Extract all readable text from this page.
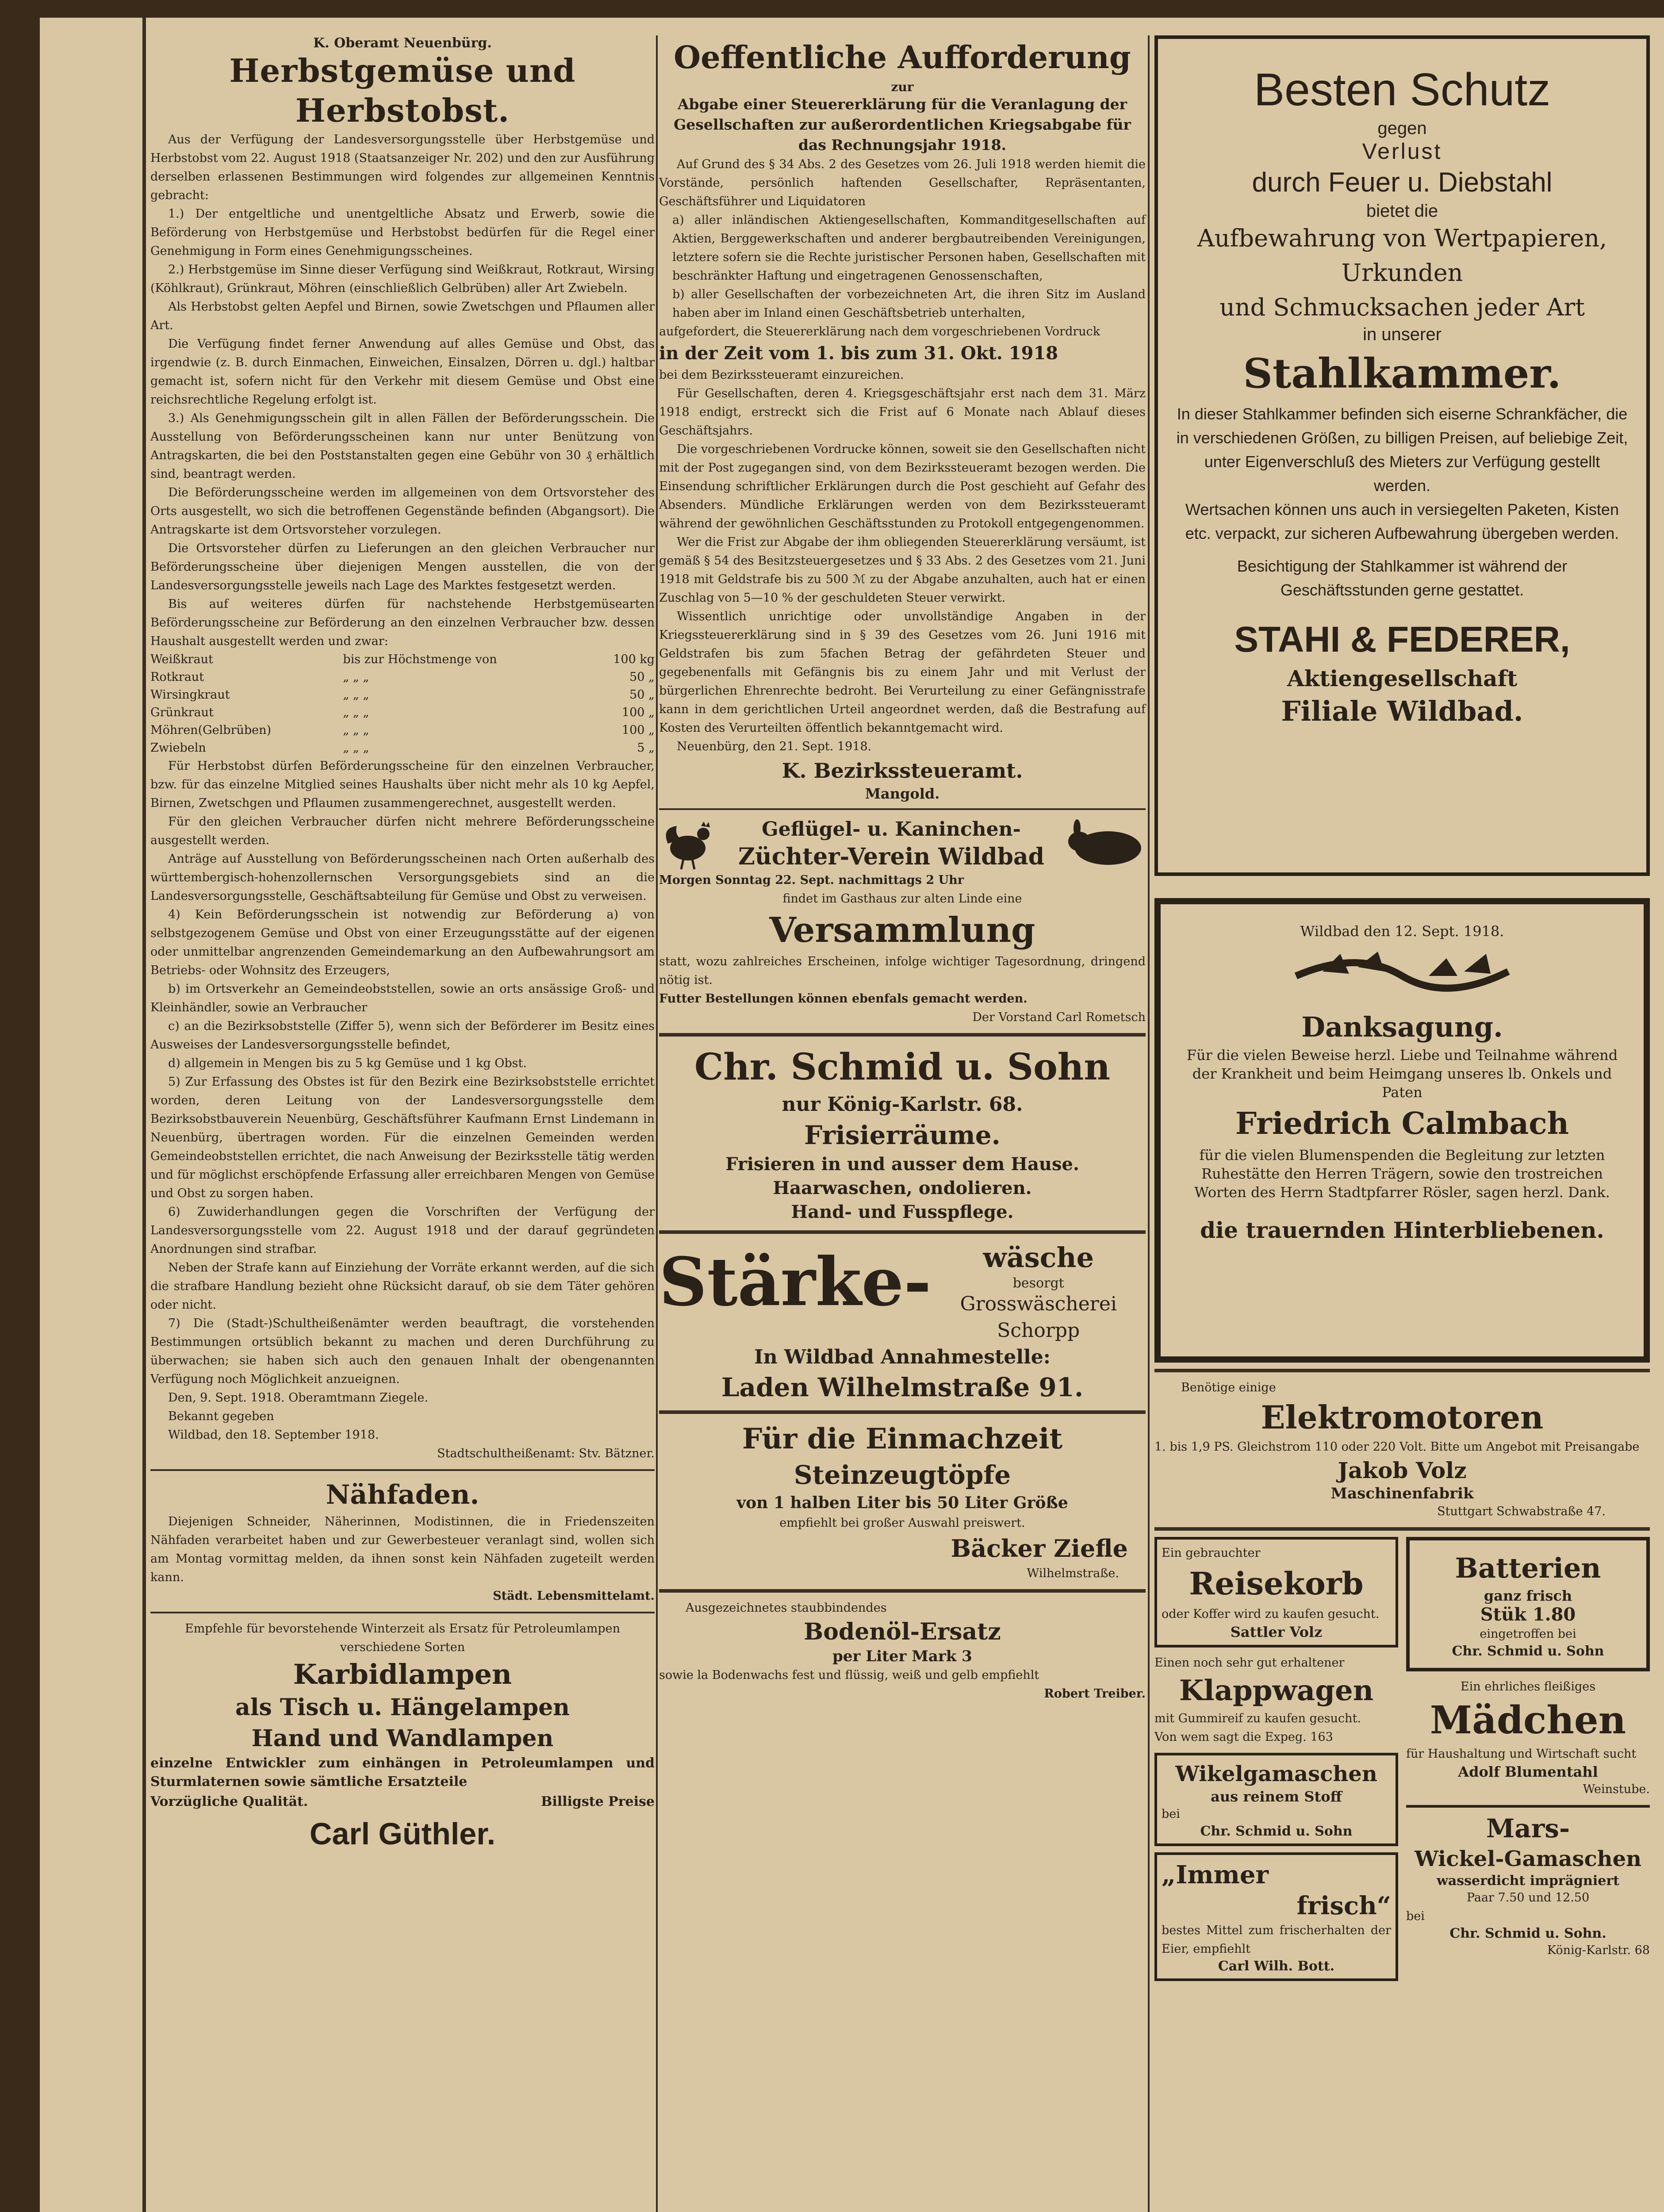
K. Oberamt Neuenbürg.

Herbstgemüse und Herbstobst.

Aus der Verfügung der Landesversorgungsstelle über Herbstgemüse und Herbstobst vom 22. August 1918 (Staatsanzeiger Nr. 202) und den zur Ausführung derselben erlassenen Bestimmungen wird folgendes zur allgemeinen Kenntnis gebracht:

1.) Der entgeltliche und unentgeltliche Absatz und Erwerb, sowie die Beförderung von Herbstgemüse und Herbstobst bedürfen für die Regel einer Genehmigung in Form eines Genehmigungsscheines.

2.) Herbstgemüse im Sinne dieser Verfügung sind Weißkraut, Rotkraut, Wirsing (Köhlkraut), Grünkraut, Möhren (einschließlich Gelbrüben) aller Art Zwiebeln.

Als Herbstobst gelten Aepfel und Birnen, sowie Zwetschgen und Pflaumen aller Art.

Die Verfügung findet ferner Anwendung auf alles Gemüse und Obst, das irgendwie (z. B. durch Einmachen, Einweichen, Einsalzen, Dörren u. dgl.) haltbar gemacht ist, sofern nicht für den Verkehr mit diesem Gemüse und Obst eine reichsrechtliche Regelung erfolgt ist.

3.) Als Genehmigungsschein gilt in allen Fällen der Beförderungsschein. Die Ausstellung von Beförderungsscheinen kann nur unter Benützung von Antragskarten, die bei den Poststanstalten gegen eine Gebühr von 30 ₰ erhältlich sind, beantragt werden.

Die Beförderungsscheine werden im allgemeinen von dem Ortsvorsteher des Orts ausgestellt, wo sich die betroffenen Gegenstände befinden (Abgangsort). Die Antragskarte ist dem Ortsvorsteher vorzulegen.

Die Ortsvorsteher dürfen zu Lieferungen an den gleichen Verbraucher nur Beförderungsscheine über diejenigen Mengen ausstellen, die von der Landesversorgungsstelle jeweils nach Lage des Marktes festgesetzt werden.

Bis auf weiteres dürfen für nachstehende Herbstgemüsearten Beförderungsscheine zur Beförderung an den einzelnen Verbraucher bzw. dessen Haushalt ausgestellt werden und zwar:

Weißkraut	bis zur Höchstmenge von	100 kg
Rotkraut	„ „ „	50 „
Wirsingkraut	„ „ „	50 „
Grünkraut	„ „ „	100 „
Möhren(Gelbrüben)	„ „ „	100 „
Zwiebeln	„ „ „	5 „

Für Herbstobst dürfen Beförderungsscheine für den einzelnen Verbraucher, bzw. für das einzelne Mitglied seines Haushalts über nicht mehr als 10 kg Aepfel, Birnen, Zwetschgen und Pflaumen zusammengerechnet, ausgestellt werden.

Für den gleichen Verbraucher dürfen nicht mehrere Beförderungsscheine ausgestellt werden.

Anträge auf Ausstellung von Beförderungsscheinen nach Orten außerhalb des württembergisch-hohenzollernschen Versorgungsgebiets sind an die Landesversorgungsstelle, Geschäftsabteilung für Gemüse und Obst zu verweisen.

4) Kein Beförderungsschein ist notwendig zur Beförderung a) von selbstgezogenem Gemüse und Obst von einer Erzeugungsstätte auf der eigenen oder unmittelbar angrenzenden Gemeindemarkung an den Aufbewahrungsort am Betriebs- oder Wohnsitz des Erzeugers,

b) im Ortsverkehr an Gemeindeobststellen, sowie an orts ansässige Groß- und Kleinhändler, sowie an Verbraucher

c) an die Bezirksobststelle (Ziffer 5), wenn sich der Beförderer im Besitz eines Ausweises der Landesversorgungsstelle befindet,

d) allgemein in Mengen bis zu 5 kg Gemüse und 1 kg Obst.

5) Zur Erfassung des Obstes ist für den Bezirk eine Bezirksobststelle errichtet worden, deren Leitung von der Landesversorgungsstelle dem Bezirksobstbauverein Neuenbürg, Geschäftsführer Kaufmann Ernst Lindemann in Neuenbürg, übertragen worden. Für die einzelnen Gemeinden werden Gemeindeobststellen errichtet, die nach Anweisung der Bezirksstelle tätig werden und für möglichst erschöpfende Erfassung aller erreichbaren Mengen von Gemüse und Obst zu sorgen haben.

6) Zuwiderhandlungen gegen die Vorschriften der Verfügung der Landesversorgungsstelle vom 22. August 1918 und der darauf gegründeten Anordnungen sind strafbar.

Neben der Strafe kann auf Einziehung der Vorräte erkannt werden, auf die sich die strafbare Handlung bezieht ohne Rücksicht darauf, ob sie dem Täter gehören oder nicht.

7) Die (Stadt-)Schultheißenämter werden beauftragt, die vorstehenden Bestimmungen ortsüblich bekannt zu machen und deren Durchführung zu überwachen; sie haben sich auch den genauen Inhalt der obengenannten Verfügung noch Möglichkeit anzueignen.

Den, 9. Sept. 1918. Oberamtmann Ziegele.

Bekannt gegeben

Wildbad, den 18. September 1918.

Stadtschultheißenamt: Stv. Bätzner.

Nähfaden.

Diejenigen Schneider, Näherinnen, Modistinnen, die in Friedenszeiten Nähfaden verarbeitet haben und zur Gewerbesteuer veranlagt sind, wollen sich am Montag vormittag melden, da ihnen sonst kein Nähfaden zugeteilt werden kann.

Städt. Lebensmittelamt.

Empfehle für bevorstehende Winterzeit als Ersatz für Petroleumlampen verschiedene Sorten

Karbidlampen

als Tisch u. Hängelampen

Hand und Wandlampen

einzelne Entwickler zum einhängen in Petroleumlampen und Sturmlaternen sowie sämtliche Ersatzteile

Vorzügliche Qualität.	Billigste Preise

Carl Güthler.

Oeffentliche Aufforderung

zur

Abgabe einer Steuererklärung für die Veranlagung der Gesellschaften zur außerordentlichen Kriegsabgabe für das Rechnungsjahr 1918.

Auf Grund des § 34 Abs. 2 des Gesetzes vom 26. Juli 1918 werden hiemit die Vorstände, persönlich haftenden Gesellschafter, Repräsentanten, Geschäftsführer und Liquidatoren

a) aller inländischen Aktiengesellschaften, Kommanditgesellschaften auf Aktien, Berggewerkschaften und anderer bergbautreibenden Vereinigungen, letztere sofern sie die Rechte juristischer Personen haben, Gesellschaften mit beschränkter Haftung und eingetragenen Genossenschaften,

b) aller Gesellschaften der vorbezeichneten Art, die ihren Sitz im Ausland haben aber im Inland einen Geschäftsbetrieb unterhalten,

aufgefordert, die Steuererklärung nach dem vorgeschriebenen Vordruck

in der Zeit vom 1. bis zum 31. Okt. 1918

bei dem Bezirkssteueramt einzureichen.

Für Gesellschaften, deren 4. Kriegsgeschäftsjahr erst nach dem 31. März 1918 endigt, erstreckt sich die Frist auf 6 Monate nach Ablauf dieses Geschäftsjahrs.

Die vorgeschriebenen Vordrucke können, soweit sie den Gesellschaften nicht mit der Post zugegangen sind, von dem Bezirkssteueramt bezogen werden. Die Einsendung schriftlicher Erklärungen durch die Post geschieht auf Gefahr des Absenders. Mündliche Erklärungen werden von dem Bezirkssteueramt während der gewöhnlichen Geschäftsstunden zu Protokoll entgegengenommen.

Wer die Frist zur Abgabe der ihm obliegenden Steuererklärung versäumt, ist gemäß § 54 des Besitzsteuergesetzes und § 33 Abs. 2 des Gesetzes vom 21. Juni 1918 mit Geldstrafe bis zu 500 ℳ zu der Abgabe anzuhalten, auch hat er einen Zuschlag von 5—10 % der geschuldeten Steuer verwirkt.

Wissentlich unrichtige oder unvollständige Angaben in der Kriegssteuererklärung sind in § 39 des Gesetzes vom 26. Juni 1916 mit Geldstrafen bis zum 5fachen Betrag der gefährdeten Steuer und gegebenenfalls mit Gefängnis bis zu einem Jahr und mit Verlust der bürgerlichen Ehrenrechte bedroht. Bei Verurteilung zu einer Gefängnisstrafe kann in dem gerichtlichen Urteil angeordnet werden, daß die Bestrafung auf Kosten des Verurteilten öffentlich bekanntgemacht wird.

Neuenbürg, den 21. Sept. 1918.

K. Bezirkssteueramt.

Mangold.

Geflügel- u. Kaninchen-

Züchter-Verein Wildbad

Morgen Sonntag 22. Sept. nachmittags 2 Uhr

findet im Gasthaus zur alten Linde eine

Versammlung

statt, wozu zahlreiches Erscheinen, infolge wichtiger Tagesordnung, dringend nötig ist.

Futter Bestellungen können ebenfals gemacht werden.

Der Vorstand Carl Rometsch

Chr. Schmid u. Sohn

nur König-Karlstr. 68.

Frisierräume.

Frisieren in und ausser dem Hause.

Haarwaschen, ondolieren.

Hand- und Fusspflege.

Stärke-	wäsche

besorgt

Grosswäscherei

Schorpp

In Wildbad Annahmestelle:

Laden Wilhelmstraße 91.

Für die Einmachzeit

Steinzeugtöpfe

von 1 halben Liter bis 50 Liter Größe

empfiehlt bei großer Auswahl preiswert.

Bäcker Ziefle

Wilhelmstraße.

Ausgezeichnetes staubbindendes

Bodenöl-Ersatz

per Liter Mark 3

sowie la Bodenwachs fest und flüssig, weiß und gelb empfiehlt

Robert Treiber.

Besten Schutz

gegen

Verlust

durch Feuer u. Diebstahl

bietet die

Aufbewahrung von Wertpapieren, Urkunden

und Schmucksachen jeder Art

in unserer

Stahlkammer.

In dieser Stahlkammer befinden sich eiserne Schrankfächer, die in verschiedenen Größen, zu billigen Preisen, auf beliebige Zeit, unter Eigenverschluß des Mieters zur Verfügung gestellt werden.

Wertsachen können uns auch in versiegelten Paketen, Kisten etc. verpackt, zur sicheren Aufbewahrung übergeben werden.

Besichtigung der Stahlkammer ist während der Geschäftsstunden gerne gestattet.

STAHI & FEDERER,

Aktiengesellschaft

Filiale Wildbad.

Wildbad den 12. Sept. 1918.

Danksagung.

Für die vielen Beweise herzl. Liebe und Teilnahme während der Krankheit und beim Heimgang unseres lb. Onkels und Paten

Friedrich Calmbach

für die vielen Blumenspenden die Begleitung zur letzten Ruhestätte den Herren Trägern, sowie den trostreichen Worten des Herrn Stadtpfarrer Rösler, sagen herzl. Dank.

die trauernden Hinterbliebenen.

Benötige einige

Elektromotoren

1. bis 1,9 PS. Gleichstrom 110 oder 220 Volt. Bitte um Angebot mit Preisangabe

Jakob Volz

Maschinenfabrik

Stuttgart Schwabstraße 47.

Ein gebrauchter

Reisekorb

oder Koffer wird zu kaufen gesucht.

Sattler Volz

Einen noch sehr gut erhaltener

Klappwagen

mit Gummireif zu kaufen gesucht.

Von wem sagt die Expeg. 163

Wikelgamaschen

aus reinem Stoff

bei

Chr. Schmid u. Sohn

„Immer

frisch“

bestes Mittel zum frischerhalten der Eier, empfiehlt

Carl Wilh. Bott.

Batterien

ganz frisch

Stük 1.80

eingetroffen bei

Chr. Schmid u. Sohn

Ein ehrliches fleißiges

Mädchen

für Haushaltung und Wirtschaft sucht

Adolf Blumentahl

Weinstube.

Mars-

Wickel-Gamaschen

wasserdicht imprägniert

Paar 7.50 und 12.50

bei

Chr. Schmid u. Sohn.

König-Karlstr. 68
